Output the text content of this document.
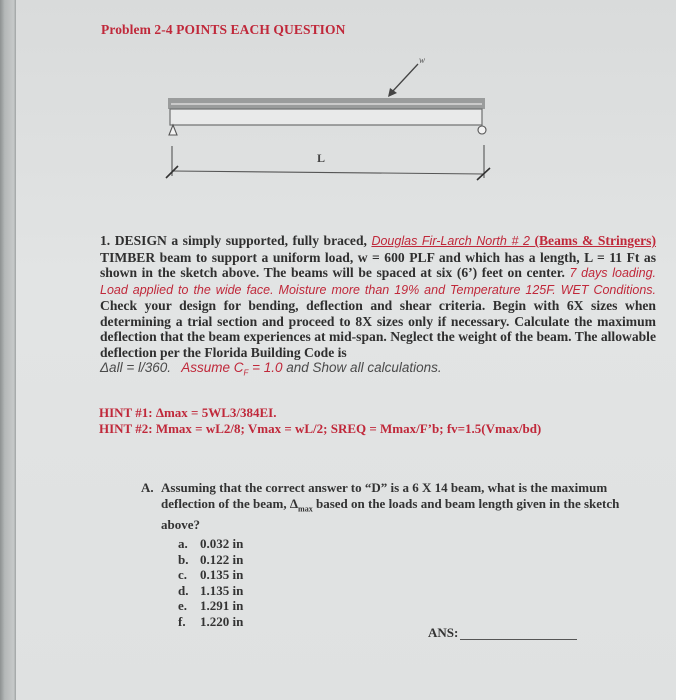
Problem 2-4 POINTS EACH QUESTION
w
L
1. DESIGN a simply supported, fully braced, Douglas Fir-Larch North # 2 (Beams & Stringers) TIMBER beam to support a uniform load, w = 600 PLF and which has a length, L = 11 Ft as shown in the sketch above. The beams will be spaced at six (6’) feet on center. 7 days loading. Load applied to the wide face. Moisture more than 19% and Temperature 125F. WET Conditions. Check your design for bending, deflection and shear criteria. Begin with 6X sizes when determining a trial section and proceed to 8X sizes only if necessary. Calculate the maximum deflection that the beam experiences at mid-span. Neglect the weight of the beam. The allowable deflection per the Florida Building Code is
Δall = l/360. Assume $C_F = 1.0$ and Show all calculations.
HINT #1: Δmax = 5WL3/384EI.
HINT #2: Mmax = wL2/8; Vmax = wL/2; SREQ = Mmax/F’b; fv=1.5(Vmax/bd)
A. Assuming that the correct answer to “D” is a 6 X 14 beam, what is the maximum deflection of the beam, $\Delta_{max}$ based on the loads and beam length given in the sketch above?
a. 0.032 in
b. 0.122 in
c. 0.135 in
d. 1.135 in
e. 1.291 in
f.	1.220 in
ANS:
